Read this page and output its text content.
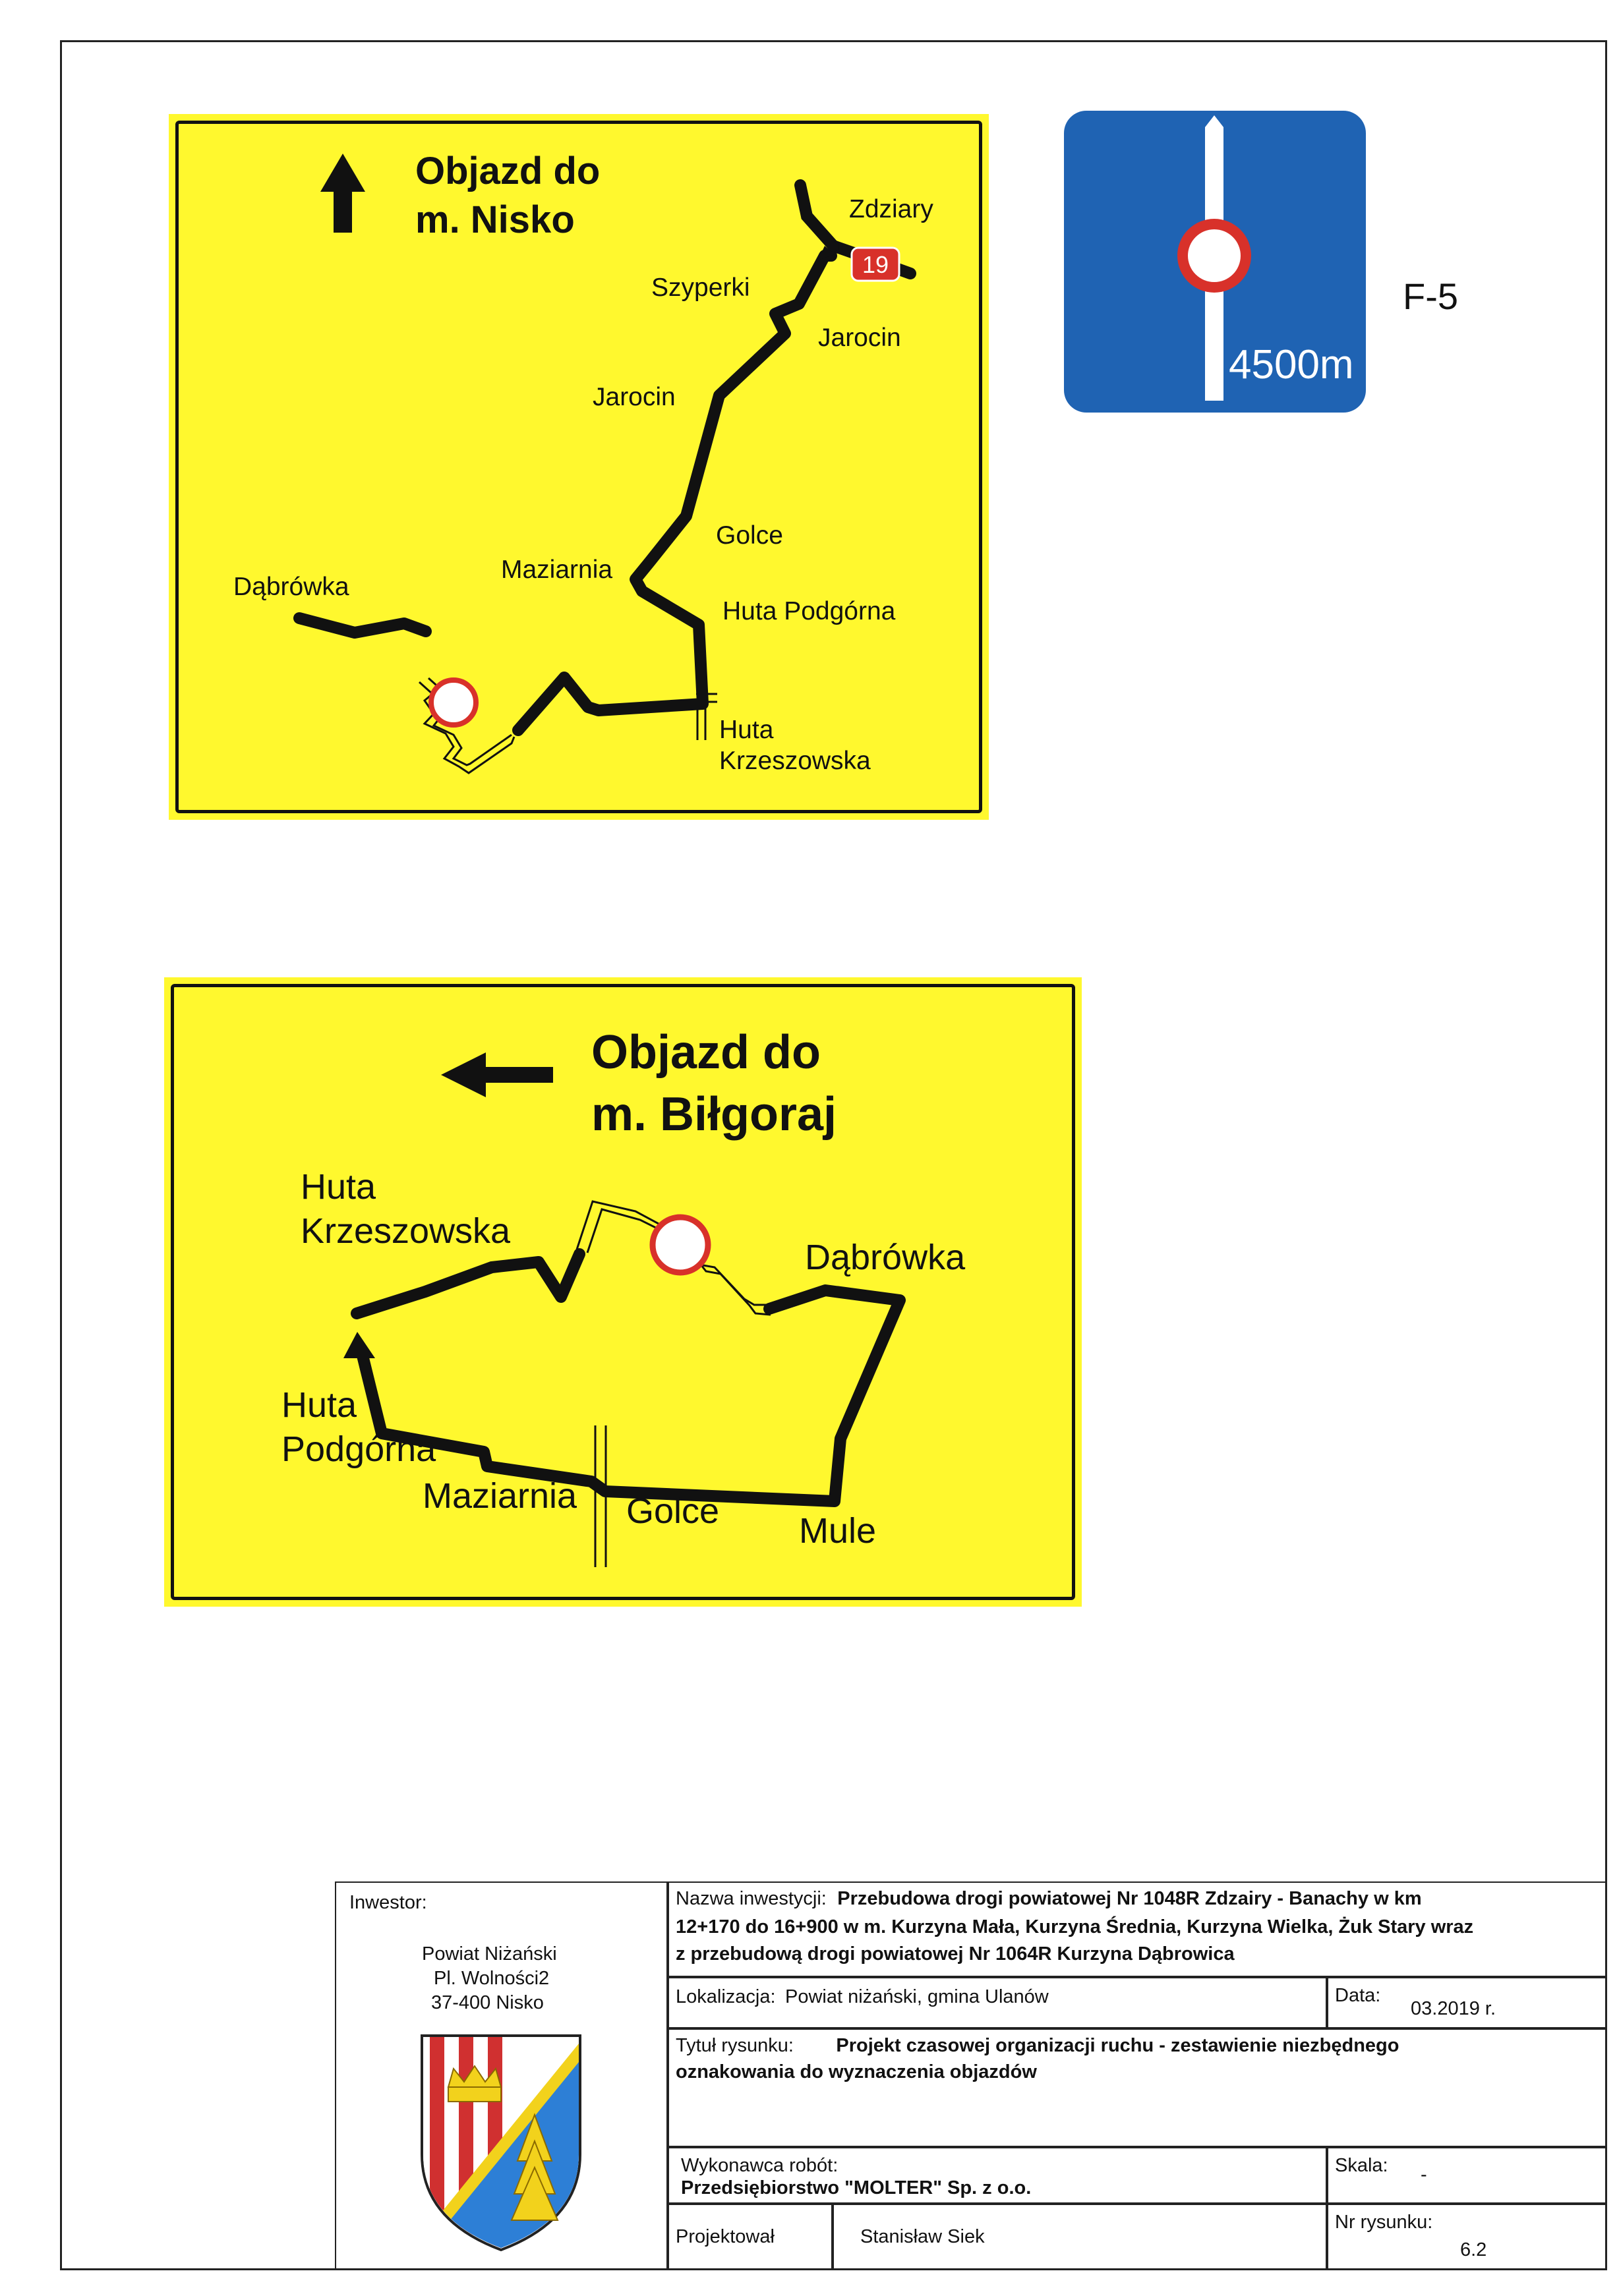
19
Objazd do
m. Nisko	Zdziary
Szyperki
Jarocin
Jarocin
Golce
Maziarnia
Dąbrówka
Huta Podgórna
Huta
Krzeszowska
4500m
F-5
Objazd do
m. Biłgoraj
Huta
Krzeszowska
Dąbrówka
Huta
Podgórna
Maziarnia Golce Mule
Inwestor:
Powiat Niżański
Pl. Wolności2
37-400 Nisko
Nazwa inwestycji: Przebudowa drogi powiatowej Nr 1048R Zdzairy - Banachy w km
12+170 do 16+900 w m. Kurzyna Mała, Kurzyna Średnia, Kurzyna Wielka, Żuk Stary wraz
z przebudową drogi powiatowej Nr 1064R Kurzyna Dąbrowica
Lokalizacja: Powiat niżański, gmina Ulanów	Data:
03.2019 r.
Tytuł rysunku: Projekt czasowej organizacji ruchu - zestawienie niezbędnego
oznakowania do wyznaczenia objazdów
Wykonawca robót:
Przedsiębiorstwo "MOLTER" Sp. z o.o.
Skala: -
Projektował	Stanisław Siek
Nr rysunku:
6.2
